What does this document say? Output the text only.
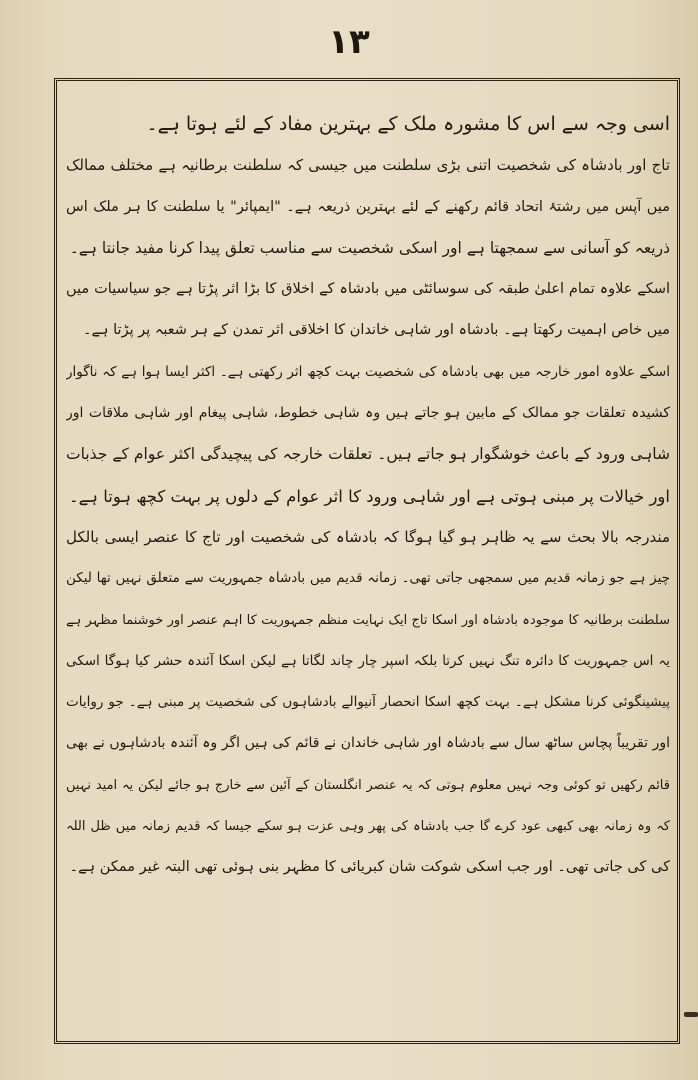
١٣
اسی وجہ سے اس کا مشورہ ملک کے بہترین مفاد کے لئے ہوتا ہے۔
تاج اور بادشاہ کی شخصیت اتنی بڑی سلطنت میں جیسی کہ سلطنت برطانیہ ہے مختلف ممالک
میں آپس میں رشتۂ اتحاد قائم رکھنے کے لئے بہترین ذریعہ ہے۔ "ایمپائر" یا سلطنت کا ہر ملک اس
ذریعہ کو آسانی سے سمجھتا ہے اور اسکی شخصیت سے مناسب تعلق پیدا کرنا مفید جانتا ہے۔
اسکے علاوہ تمام اعلیٰ طبقہ کی سوسائٹی میں بادشاہ کے اخلاق کا بڑا اثر پڑتا ہے جو سیاسیات میں
میں خاص اہمیت رکھتا ہے۔ بادشاہ اور شاہی خاندان کا اخلاقی اثر تمدن کے ہر شعبہ پر پڑتا ہے۔
اسکے علاوہ امور خارجہ میں بھی بادشاہ کی شخصیت بہت کچھ اثر رکھتی ہے۔ اکثر ایسا ہوا ہے کہ ناگوار
کشیدہ تعلقات جو ممالک کے مابین ہو جاتے ہیں وہ شاہی خطوط، شاہی پیغام اور شاہی ملاقات اور
شاہی ورود کے باعث خوشگوار ہو جاتے ہیں۔ تعلقات خارجہ کی پیچیدگی اکثر عوام کے جذبات
اور خیالات پر مبنی ہوتی ہے اور شاہی ورود کا اثر عوام کے دلوں پر بہت کچھ ہوتا ہے۔
مندرجہ بالا بحث سے یہ ظاہر ہو گیا ہوگا کہ بادشاہ کی شخصیت اور تاج کا عنصر ایسی بالکل
چیز ہے جو زمانہ قدیم میں سمجھی جاتی تھی۔ زمانہ قدیم میں بادشاہ جمہوریت سے متعلق نہیں تھا لیکن
سلطنت برطانیہ کا موجودہ بادشاہ اور اسکا تاج ایک نہایت منظم جمہوریت کا اہم عنصر اور خوشنما مظہر ہے
یہ اس جمہوریت کا دائرہ تنگ نہیں کرتا بلکہ اسپر چار چاند لگاتا ہے لیکن اسکا آئندہ حشر کیا ہوگا اسکی
پیشینگوئی کرنا مشکل ہے۔ بہت کچھ اسکا انحصار آنیوالے بادشاہوں کی شخصیت پر مبنی ہے۔ جو روایات
اور تقریباً پچاس ساٹھ سال سے بادشاہ اور شاہی خاندان نے قائم کی ہیں اگر وہ آئندہ بادشاہوں نے بھی
قائم رکھیں تو کوئی وجہ نہیں معلوم ہوتی کہ یہ عنصر انگلستان کے آئین سے خارج ہو جائے لیکن یہ امید نہیں
کہ وہ زمانہ بھی کبھی عود کرے گا جب بادشاہ کی پھر وہی عزت ہو سکے جیسا کہ قدیم زمانہ میں ظل اللہ
کی کی جاتی تھی۔ اور جب اسکی شوکت شان کبریائی کا مظہر بنی ہوئی تھی البتہ غیر ممکن ہے۔
